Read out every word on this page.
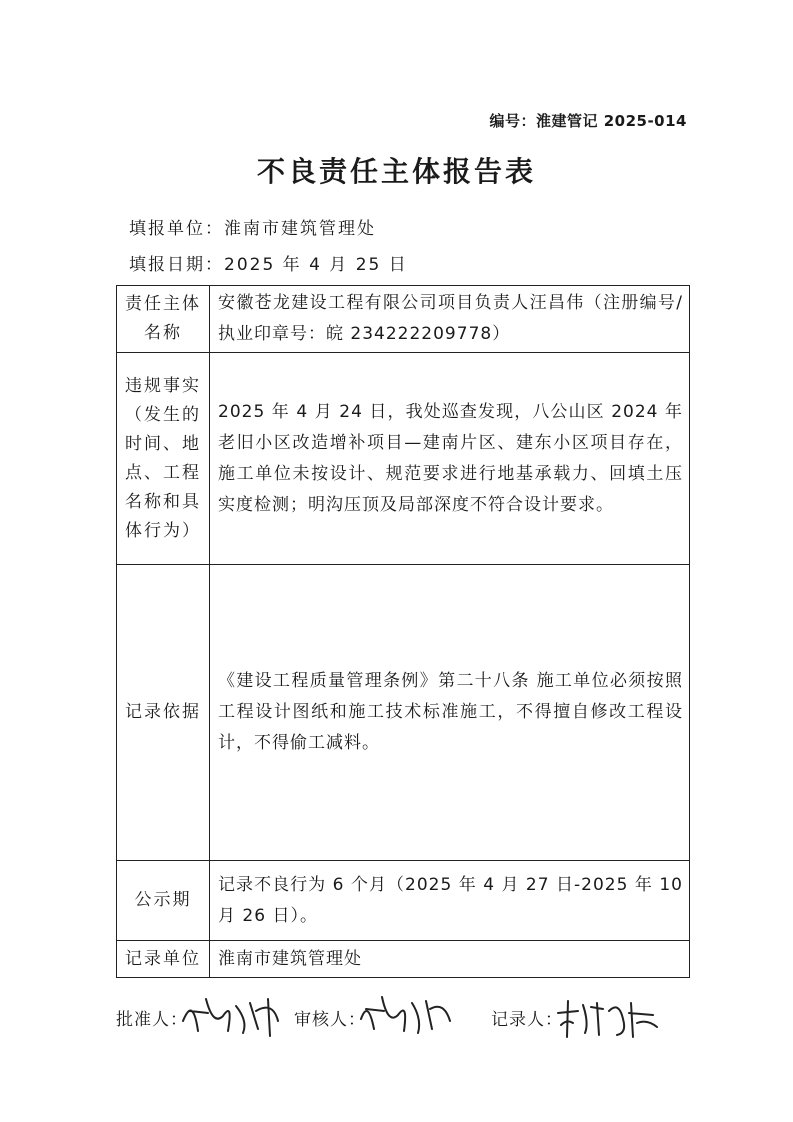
编号：淮建管记 2025-014
不良责任主体报告表
填报单位：淮南市建筑管理处
填报日期：2025 年 4 月 25 日
责任主体名称	安徽苍龙建设工程有限公司项目负责人汪昌伟（注册编号/执业印章号：皖 234222209778）
违规事实（发生的时间、地点、工程名称和具体行为）	2025 年 4 月 24 日，我处巡查发现，八公山区 2024 年老旧小区改造增补项目—建南片区、建东小区项目存在，施工单位未按设计、规范要求进行地基承载力、回填土压实度检测；明沟压顶及局部深度不符合设计要求。
记录依据	《建设工程质量管理条例》第二十八条 施工单位必须按照工程设计图纸和施工技术标准施工，不得擅自修改工程设计，不得偷工减料。
公示期	记录不良行为 6 个月（2025 年 4 月 27 日-2025 年 10 月 26 日）。
记录单位	淮南市建筑管理处
批准人：	审核人：	记录人：
